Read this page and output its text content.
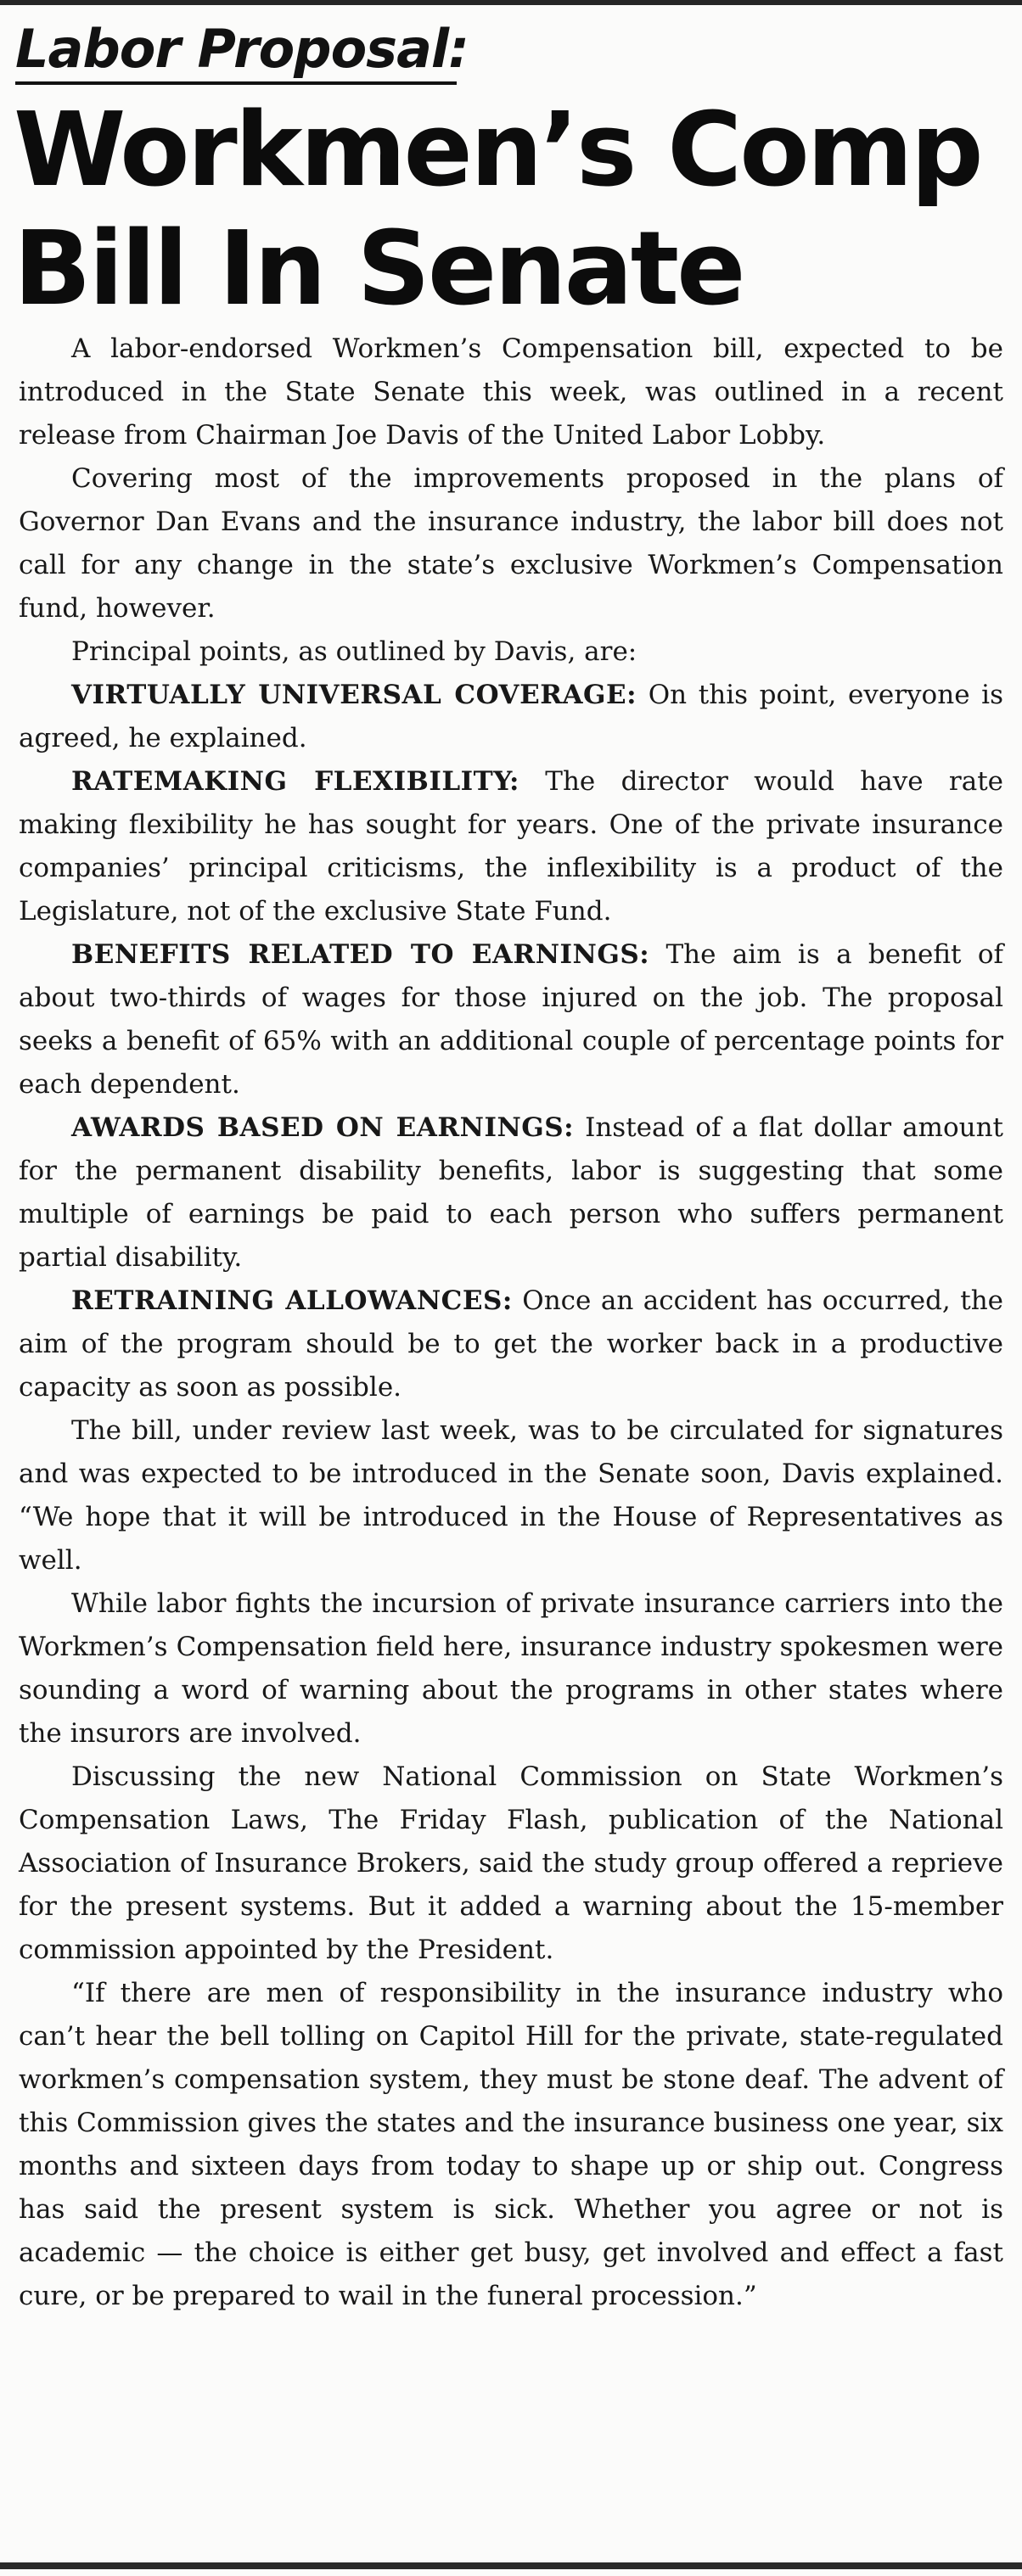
Labor Proposal:
Workmen’s Comp
Bill In Senate

A labor-endorsed Workmen’s Compensation bill, expected to be introduced in the State Senate this week, was outlined in a recent release from Chairman Joe Davis of the United Labor Lobby.

Covering most of the improvements proposed in the plans of Governor Dan Evans and the insurance industry, the labor bill does not call for any change in the state’s exclusive Workmen’s Compensation fund, however.

Principal points, as outlined by Davis, are:

VIRTUALLY UNIVERSAL COVERAGE: On this point, everyone is agreed, he explained.

RATEMAKING FLEXIBILITY: The director would have rate making flexibility he has sought for years. One of the private insurance companies’ principal criticisms, the inflexibility is a product of the Legislature, not of the exclusive State Fund.

BENEFITS RELATED TO EARNINGS: The aim is a benefit of about two-thirds of wages for those injured on the job. The proposal seeks a benefit of 65% with an additional couple of percentage points for each dependent.

AWARDS BASED ON EARNINGS: Instead of a flat dollar amount for the permanent disability benefits, labor is suggesting that some multiple of earnings be paid to each person who suffers permanent partial disability.

RETRAINING ALLOWANCES: Once an accident has occurred, the aim of the program should be to get the worker back in a productive capacity as soon as possible.

The bill, under review last week, was to be circulated for signatures and was expected to be introduced in the Senate soon, Davis explained. “We hope that it will be introduced in the House of Representatives as well.

While labor fights the incursion of private insurance carriers into the Workmen’s Compensation field here, insurance industry spokesmen were sounding a word of warning about the programs in other states where the insurors are involved.

Discussing the new National Commission on State Workmen’s Compensation Laws, The Friday Flash, publication of the National Association of Insurance Brokers, said the study group offered a reprieve for the present systems. But it added a warning about the 15-member commission appointed by the President.

“If there are men of responsibility in the insurance industry who can’t hear the bell tolling on Capitol Hill for the private, state-regulated workmen’s compensation system, they must be stone deaf. The advent of this Commission gives the states and the insurance business one year, six months and sixteen days from today to shape up or ship out. Congress has said the present system is sick. Whether you agree or not is academic — the choice is either get busy, get involved and effect a fast cure, or be prepared to wail in the funeral procession.”
